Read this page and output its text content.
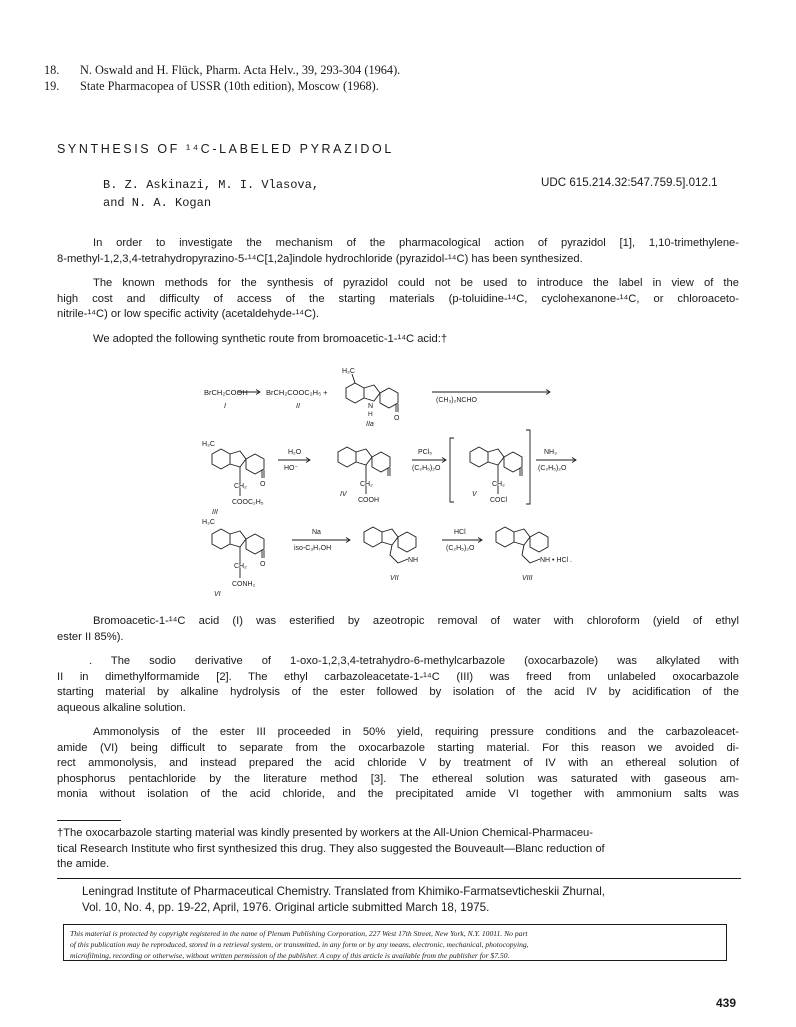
18. N. Oswald and H. Flück, Pharm. Acta Helv., 39, 293-304 (1964).
19. State Pharmacopea of USSR (10th edition), Moscow (1968).
SYNTHESIS OF ¹⁴C-LABELED PYRAZIDOL
B. Z. Askinazi, M. I. Vlasova,
and N. A. Kogan
UDC 615.214.32:547.759.5].012.1
In order to investigate the mechanism of the pharmacological action of pyrazidol [1], 1,10-trimethylene-
8-methyl-1,2,3,4-tetrahydropyrazino-5-¹⁴C[1,2a]indole hydrochloride (pyrazidol-¹⁴C) has been synthesized.
The known methods for the synthesis of pyrazidol could not be used to introduce the label in view of the
high cost and difficulty of access of the starting materials (p-toluidine-¹⁴C, cyclohexanone-¹⁴C, or chloroaceto-
nitrile-¹⁴C) or low specific activity (acetaldehyde-¹⁴C).
We adopted the following synthetic route from bromoacetic-1-¹⁴C acid:†
BrCH₂COOH
I
BrCH₂COOC₂H₅ +
II
H₃C
N
H
O
IIa
(CH₃)₂NCHO
H₃C
CH₂
COOC₂H₅
III
O
H₂O
HO⁻
CH₂
COOH
IV
PCl₅
(C₂H₅)₂O
CH₂
COCl
V
NH₃
(C₂H₅)₂O
H₃C
CH₂
CONH₂
VI
O
Na
iso-C₃H₇OH
NH
VII
HCl
(C₂H₅)₂O
NH • HCl .
VIII
Bromoacetic-1-¹⁴C acid (I) was esterified by azeotropic removal of water with chloroform (yield of ethyl
ester II 85%).
. The sodio derivative of 1-oxo-1,2,3,4-tetrahydro-6-methylcarbazole (oxocarbazole) was alkylated with
II in dimethylformamide [2]. The ethyl carbazoleacetate-1-¹⁴C (III) was freed from unlabeled oxocarbazole
starting material by alkaline hydrolysis of the ester followed by isolation of the acid IV by acidification of the
aqueous alkaline solution.
Ammonolysis of the ester III proceeded in 50% yield, requiring pressure conditions and the carbazoleacet-
amide (VI) being difficult to separate from the oxocarbazole starting material. For this reason we avoided di-
rect ammonolysis, and instead prepared the acid chloride V by treatment of IV with an ethereal solution of
phosphorus pentachloride by the literature method [3]. The ethereal solution was saturated with gaseous am-
monia without isolation of the acid chloride, and the precipitated amide VI together with ammonium salts was
†The oxocarbazole starting material was kindly presented by workers at the All-Union Chemical-Pharmaceu-
tical Research Institute who first synthesized this drug. They also suggested the Bouveault—Blanc reduction of
the amide.
Leningrad Institute of Pharmaceutical Chemistry. Translated from Khimiko-Farmatsevticheskii Zhurnal,
Vol. 10, No. 4, pp. 19-22, April, 1976. Original article submitted March 18, 1975.
This material is protected by copyright registered in the name of Plenum Publishing Corporation, 227 West 17th Street, New York, N.Y. 10011. No part
of this publication may be reproduced, stored in a retrieval system, or transmitted, in any form or by any means, electronic, mechanical, photocopying,
microfilming, recording or otherwise, without written permission of the publisher. A copy of this article is available from the publisher for $7.50.
439
